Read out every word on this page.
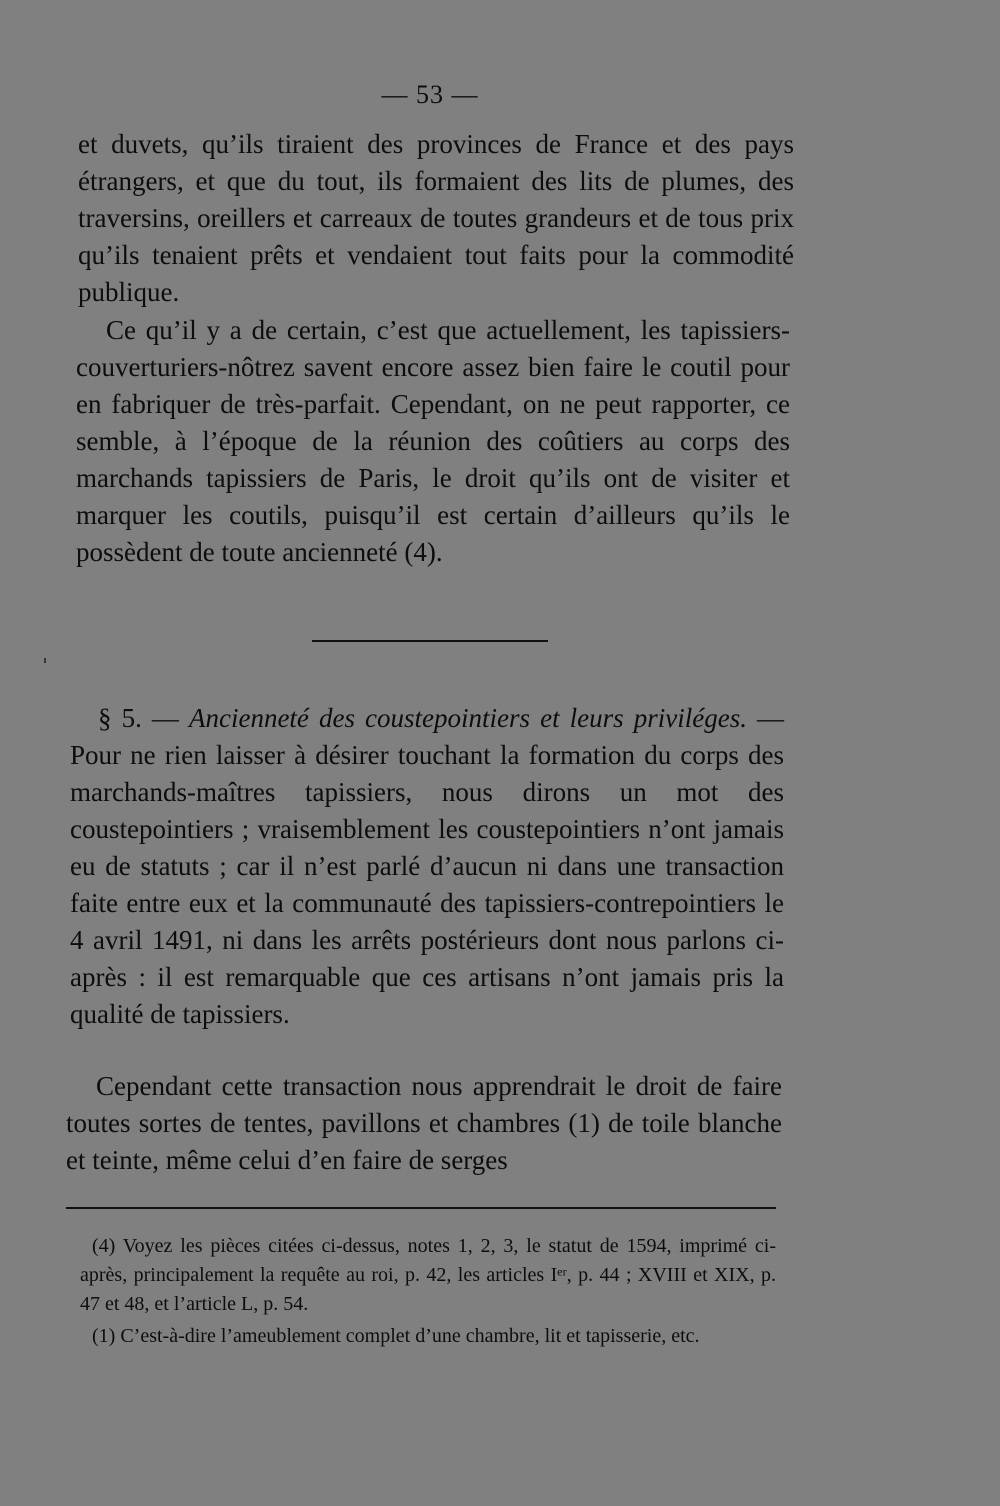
— 53 —

et duvets, qu’ils tiraient des provinces de France et des pays étrangers, et que du tout, ils formaient des lits de plumes, des traversins, oreillers et carreaux de toutes grandeurs et de tous prix qu’ils tenaient prêts et vendaient tout faits pour la commodité publique.

Ce qu’il y a de certain, c’est que actuellement, les tapissiers-couverturiers-nôtrez savent encore assez bien faire le coutil pour en fabriquer de très-parfait. Cependant, on ne peut rapporter, ce semble, à l’époque de la réunion des coûtiers au corps des marchands tapissiers de Paris, le droit qu’ils ont de visiter et marquer les coutils, puisqu’il est certain d’ailleurs qu’ils le possèdent de toute ancienneté (4).

§ 5. — Ancienneté des coustepointiers et leurs priviléges. — Pour ne rien laisser à désirer touchant la formation du corps des marchands-maîtres tapissiers, nous dirons un mot des coustepointiers ; vraisemblement les coustepointiers n’ont jamais eu de statuts ; car il n’est parlé d’aucun ni dans une transaction faite entre eux et la communauté des tapissiers-contrepointiers le 4 avril 1491, ni dans les arrêts postérieurs dont nous parlons ci-après : il est remarquable que ces artisans n’ont jamais pris la qualité de tapissiers.

Cependant cette transaction nous apprendrait le droit de faire toutes sortes de tentes, pavillons et chambres (1) de toile blanche et teinte, même celui d’en faire de serges

(4) Voyez les pièces citées ci-dessus, notes 1, 2, 3, le statut de 1594, imprimé ci-après, principalement la requête au roi, p. 42, les articles Iᵉʳ, p. 44 ; XVIII et XIX, p. 47 et 48, et l’article L, p. 54.

(1) C’est-à-dire l’ameublement complet d’une chambre, lit et tapisserie, etc.
